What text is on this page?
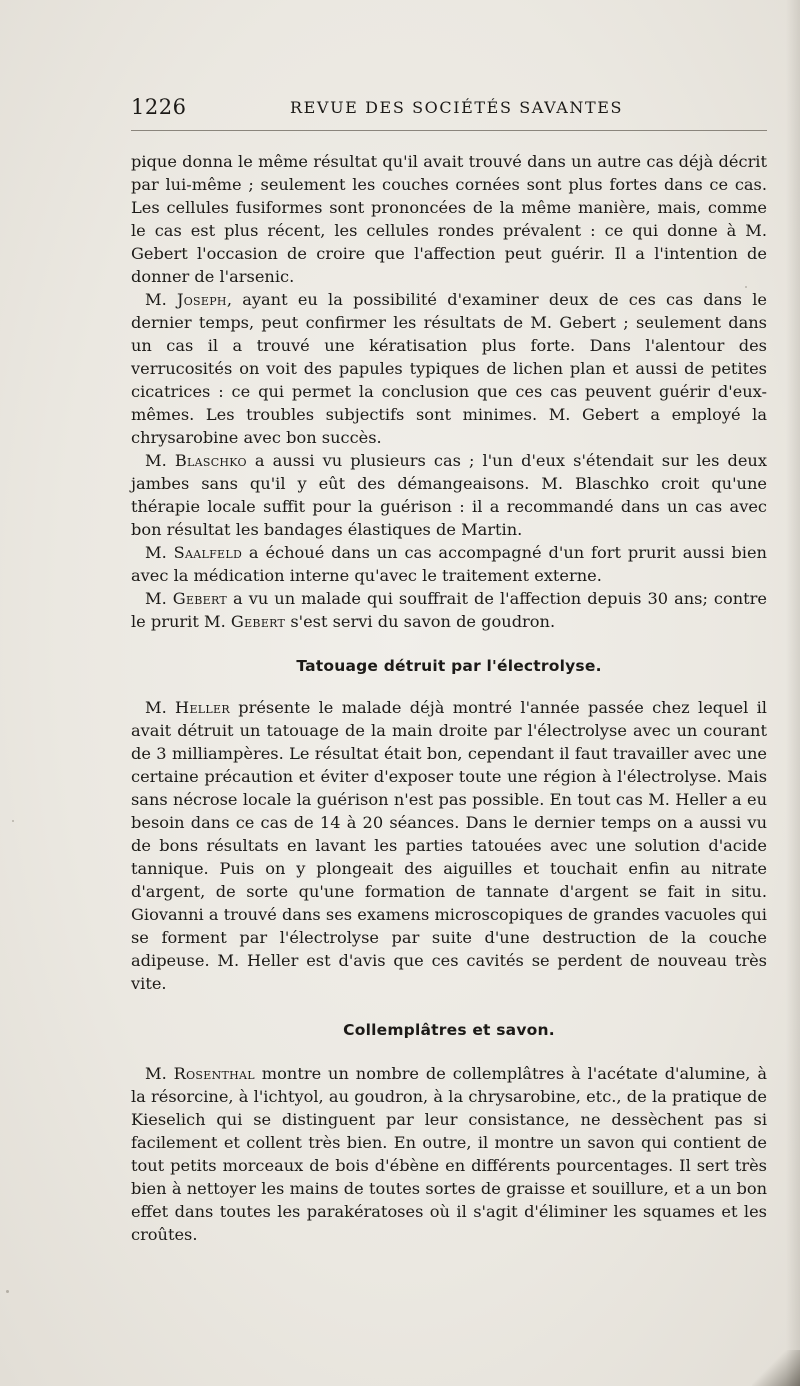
1226	REVUE DES SOCIÉTÉS SAVANTES

pique donna le même résultat qu'il avait trouvé dans un autre cas déjà décrit par lui-même ; seulement les couches cornées sont plus fortes dans ce cas. Les cellules fusiformes sont prononcées de la même manière, mais, comme le cas est plus récent, les cellules rondes prévalent : ce qui donne à M. Gebert l'occasion de croire que l'affection peut guérir. Il a l'intention de donner de l'arsenic.

M. Joseph, ayant eu la possibilité d'examiner deux de ces cas dans le dernier temps, peut confirmer les résultats de M. Gebert ; seulement dans un cas il a trouvé une kératisation plus forte. Dans l'alentour des verrucosités on voit des papules typiques de lichen plan et aussi de petites cicatrices : ce qui permet la conclusion que ces cas peuvent guérir d'eux-mêmes. Les troubles subjectifs sont minimes. M. Gebert a employé la chrysarobine avec bon succès.

M. Blaschko a aussi vu plusieurs cas ; l'un d'eux s'étendait sur les deux jambes sans qu'il y eût des démangeaisons. M. Blaschko croit qu'une thérapie locale suffit pour la guérison : il a recommandé dans un cas avec bon résultat les bandages élastiques de Martin.

M. Saalfeld a échoué dans un cas accompagné d'un fort prurit aussi bien avec la médication interne qu'avec le traitement externe.

M. Gebert a vu un malade qui souffrait de l'affection depuis 30 ans; contre le prurit M. Gebert s'est servi du savon de goudron.

Tatouage détruit par l'électrolyse.

M. Heller présente le malade déjà montré l'année passée chez lequel il avait détruit un tatouage de la main droite par l'électrolyse avec un courant de 3 milliampères. Le résultat était bon, cependant il faut travailler avec une certaine précaution et éviter d'exposer toute une région à l'électrolyse. Mais sans nécrose locale la guérison n'est pas possible. En tout cas M. Heller a eu besoin dans ce cas de 14 à 20 séances. Dans le dernier temps on a aussi vu de bons résultats en lavant les parties tatouées avec une solution d'acide tannique. Puis on y plongeait des aiguilles et touchait enfin au nitrate d'argent, de sorte qu'une formation de tannate d'argent se fait in situ. Giovanni a trouvé dans ses examens microscopiques de grandes vacuoles qui se forment par l'électrolyse par suite d'une destruction de la couche adipeuse. M. Heller est d'avis que ces cavités se perdent de nouveau très vite.

Collemplâtres et savon.

M. Rosenthal montre un nombre de collemplâtres à l'acétate d'alumine, à la résorcine, à l'ichtyol, au goudron, à la chrysarobine, etc., de la pratique de Kieselich qui se distinguent par leur consistance, ne dessèchent pas si facilement et collent très bien. En outre, il montre un savon qui contient de tout petits morceaux de bois d'ébène en différents pourcentages. Il sert très bien à nettoyer les mains de toutes sortes de graisse et souillure, et a un bon effet dans toutes les parakératoses où il s'agit d'éliminer les squames et les croûtes.
